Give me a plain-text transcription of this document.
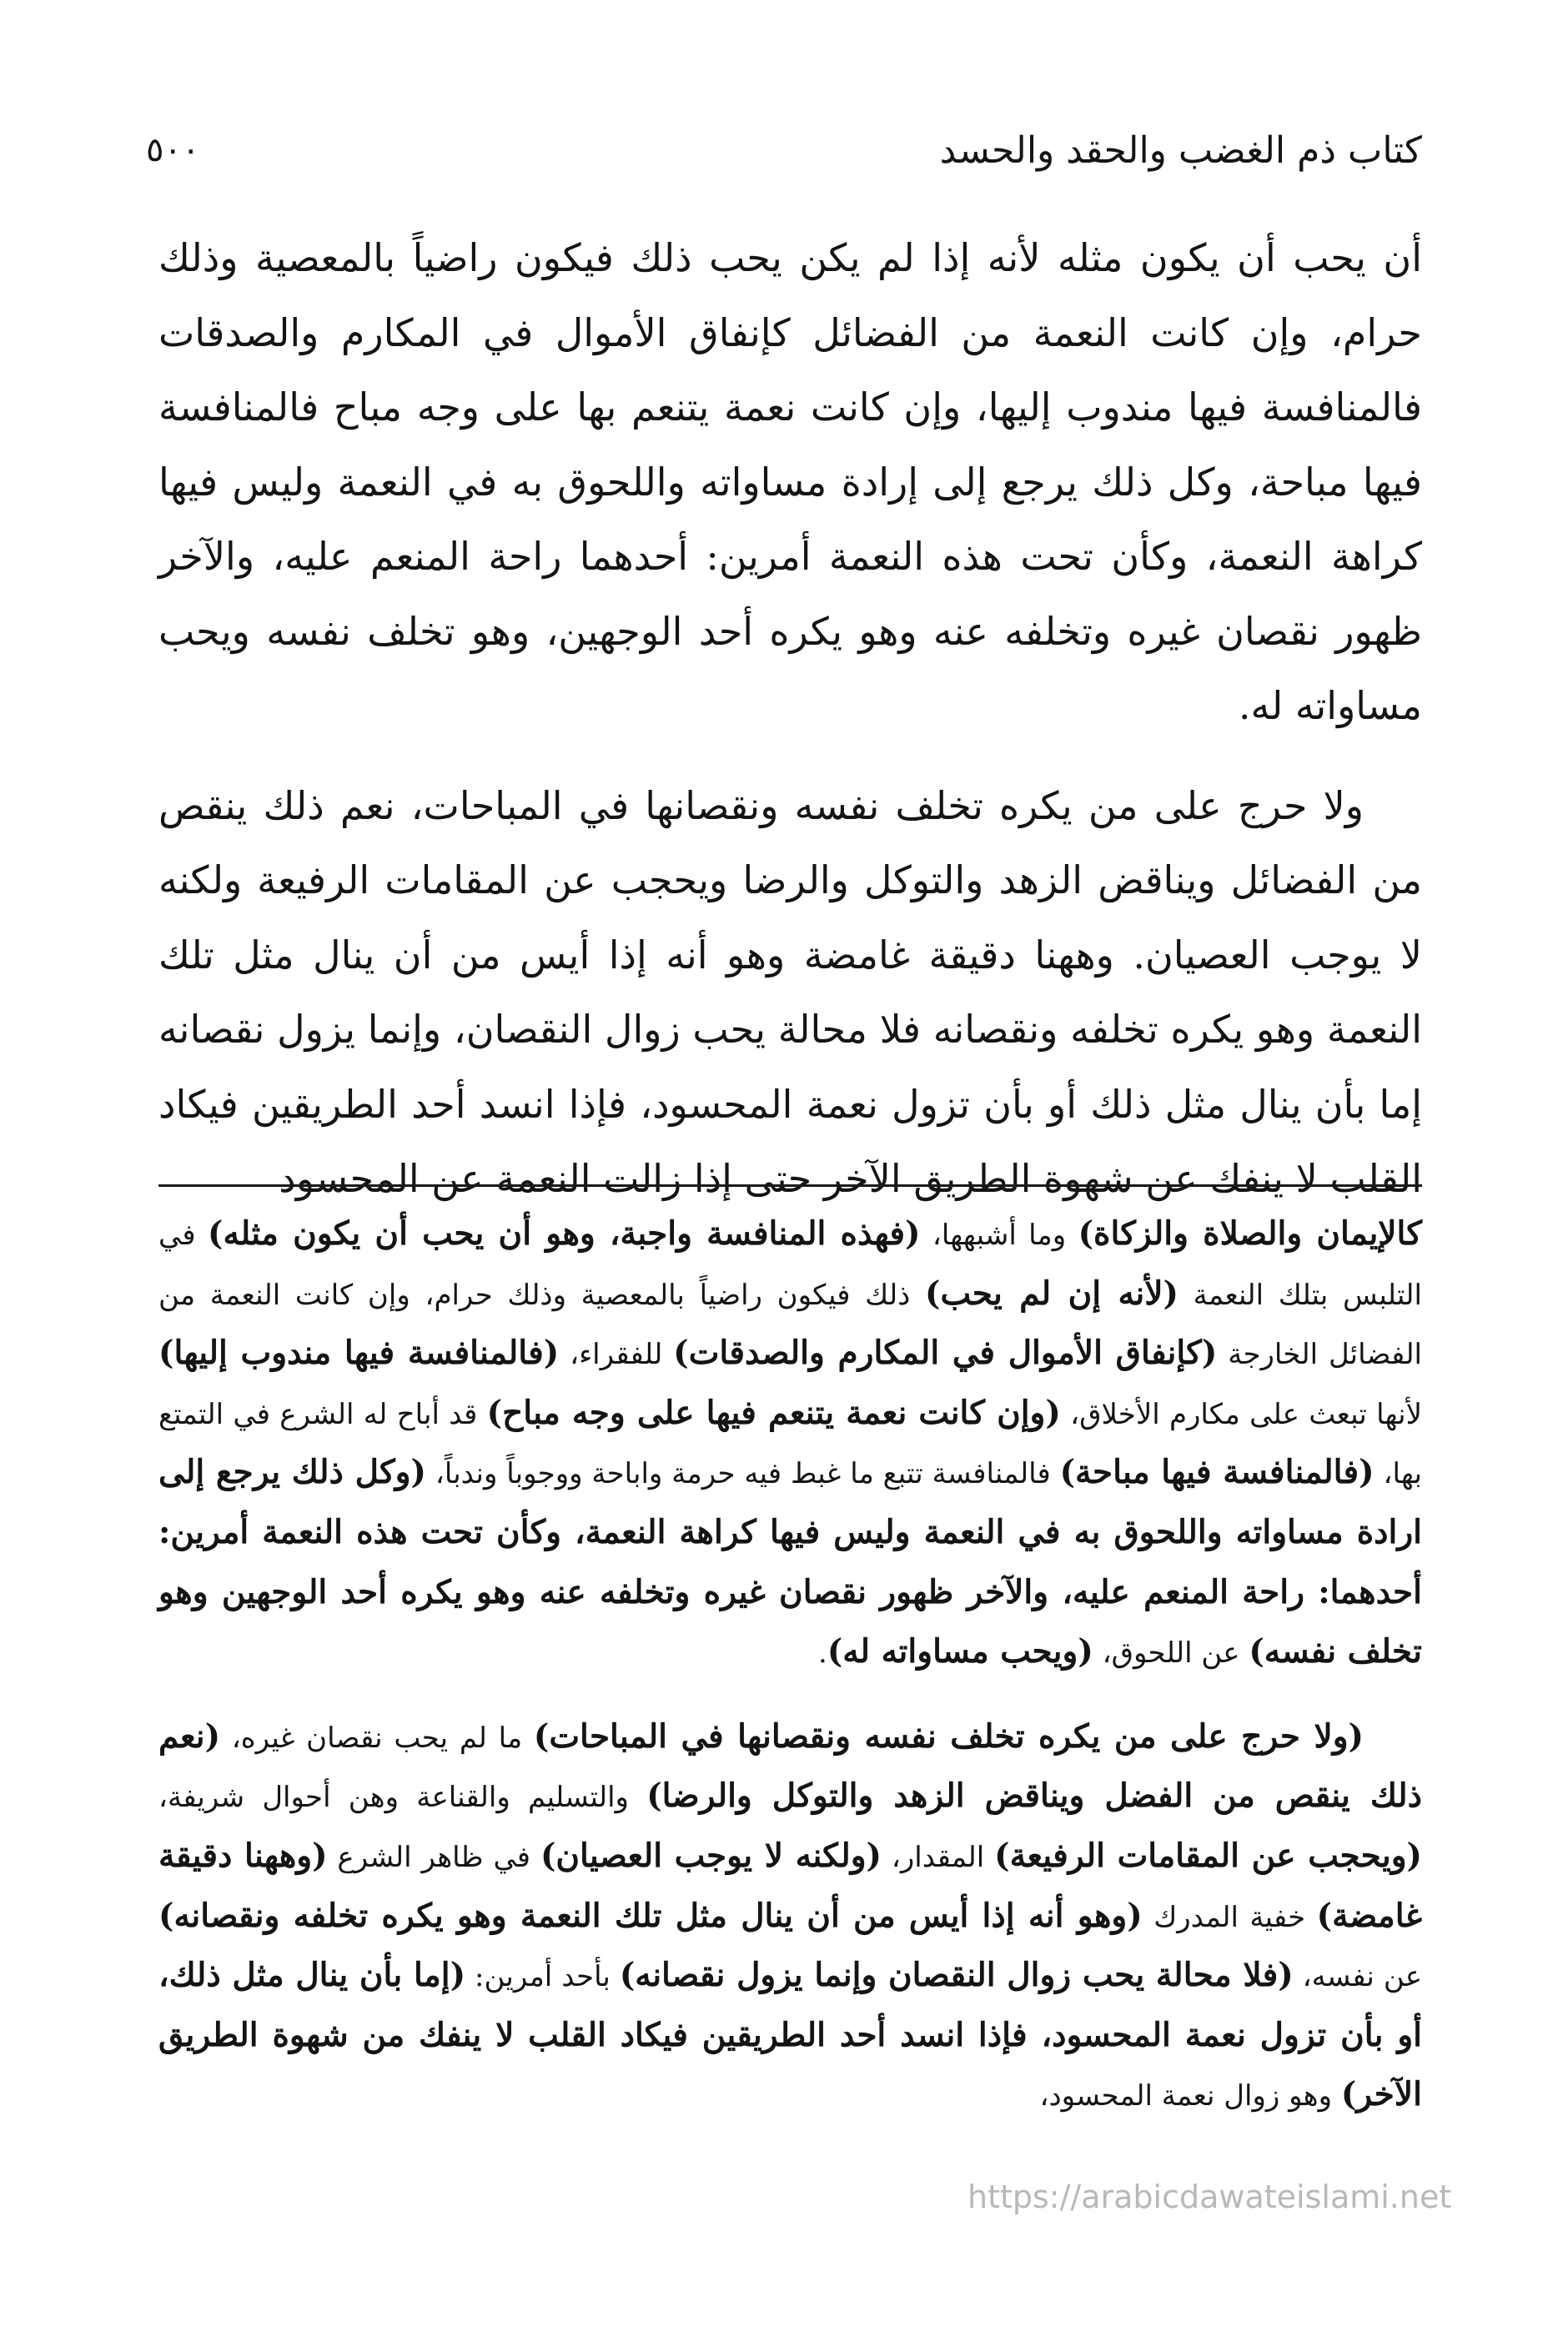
كتاب ذم الغضب والحقد والحسد
٥٠٠

أن يحب أن يكون مثله لأنه إذا لم يكن يحب ذلك فيكون راضياً بالمعصية وذلك حرام، وإن كانت النعمة من الفضائل كإنفاق الأموال في المكارم والصدقات فالمنافسة فيها مندوب إليها، وإن كانت نعمة يتنعم بها على وجه مباح فالمنافسة فيها مباحة، وكل ذلك يرجع إلى إرادة مساواته واللحوق به في النعمة وليس فيها كراهة النعمة، وكأن تحت هذه النعمة أمرين: أحدهما راحة المنعم عليه، والآخر ظهور نقصان غيره وتخلفه عنه وهو يكره أحد الوجهين، وهو تخلف نفسه ويحب مساواته له.

ولا حرج على من يكره تخلف نفسه ونقصانها في المباحات، نعم ذلك ينقص من الفضائل ويناقض الزهد والتوكل والرضا ويحجب عن المقامات الرفيعة ولكنه لا يوجب العصيان. وههنا دقيقة غامضة وهو أنه إذا أيس من أن ينال مثل تلك النعمة وهو يكره تخلفه ونقصانه فلا محالة يحب زوال النقصان، وإنما يزول نقصانه إما بأن ينال مثل ذلك أو بأن تزول نعمة المحسود، فإذا انسد أحد الطريقين فيكاد القلب لا ينفك عن شهوة الطريق الآخر حتى إذا زالت النعمة عن المحسود

كالإيمان والصلاة والزكاة) وما أشبهها، (فهذه المنافسة واجبة، وهو أن يحب أن يكون مثله) في التلبس بتلك النعمة (لأنه إن لم يحب) ذلك فيكون راضياً بالمعصية وذلك حرام، وإن كانت النعمة من الفضائل الخارجة (كإنفاق الأموال في المكارم والصدقات) للفقراء، (فالمنافسة فيها مندوب إليها) لأنها تبعث على مكارم الأخلاق، (وإن كانت نعمة يتنعم فيها على وجه مباح) قد أباح له الشرع في التمتع بها، (فالمنافسة فيها مباحة) فالمنافسة تتبع ما غبط فيه حرمة واباحة ووجوباً وندباً، (وكل ذلك يرجع إلى ارادة مساواته واللحوق به في النعمة وليس فيها كراهة النعمة، وكأن تحت هذه النعمة أمرين: أحدهما: راحة المنعم عليه، والآخر ظهور نقصان غيره وتخلفه عنه وهو يكره أحد الوجهين وهو تخلف نفسه) عن اللحوق، (ويحب مساواته له).

(ولا حرج على من يكره تخلف نفسه ونقصانها في المباحات) ما لم يحب نقصان غيره، (نعم ذلك ينقص من الفضل ويناقض الزهد والتوكل والرضا) والتسليم والقناعة وهن أحوال شريفة، (ويحجب عن المقامات الرفيعة) المقدار، (ولكنه لا يوجب العصيان) في ظاهر الشرع (وههنا دقيقة غامضة) خفية المدرك (وهو أنه إذا أيس من أن ينال مثل تلك النعمة وهو يكره تخلفه ونقصانه) عن نفسه، (فلا محالة يحب زوال النقصان وإنما يزول نقصانه) بأحد أمرين: (إما بأن ينال مثل ذلك، أو بأن تزول نعمة المحسود، فإذا انسد أحد الطريقين فيكاد القلب لا ينفك من شهوة الطريق الآخر) وهو زوال نعمة المحسود،

https://arabicdawateislami.net
